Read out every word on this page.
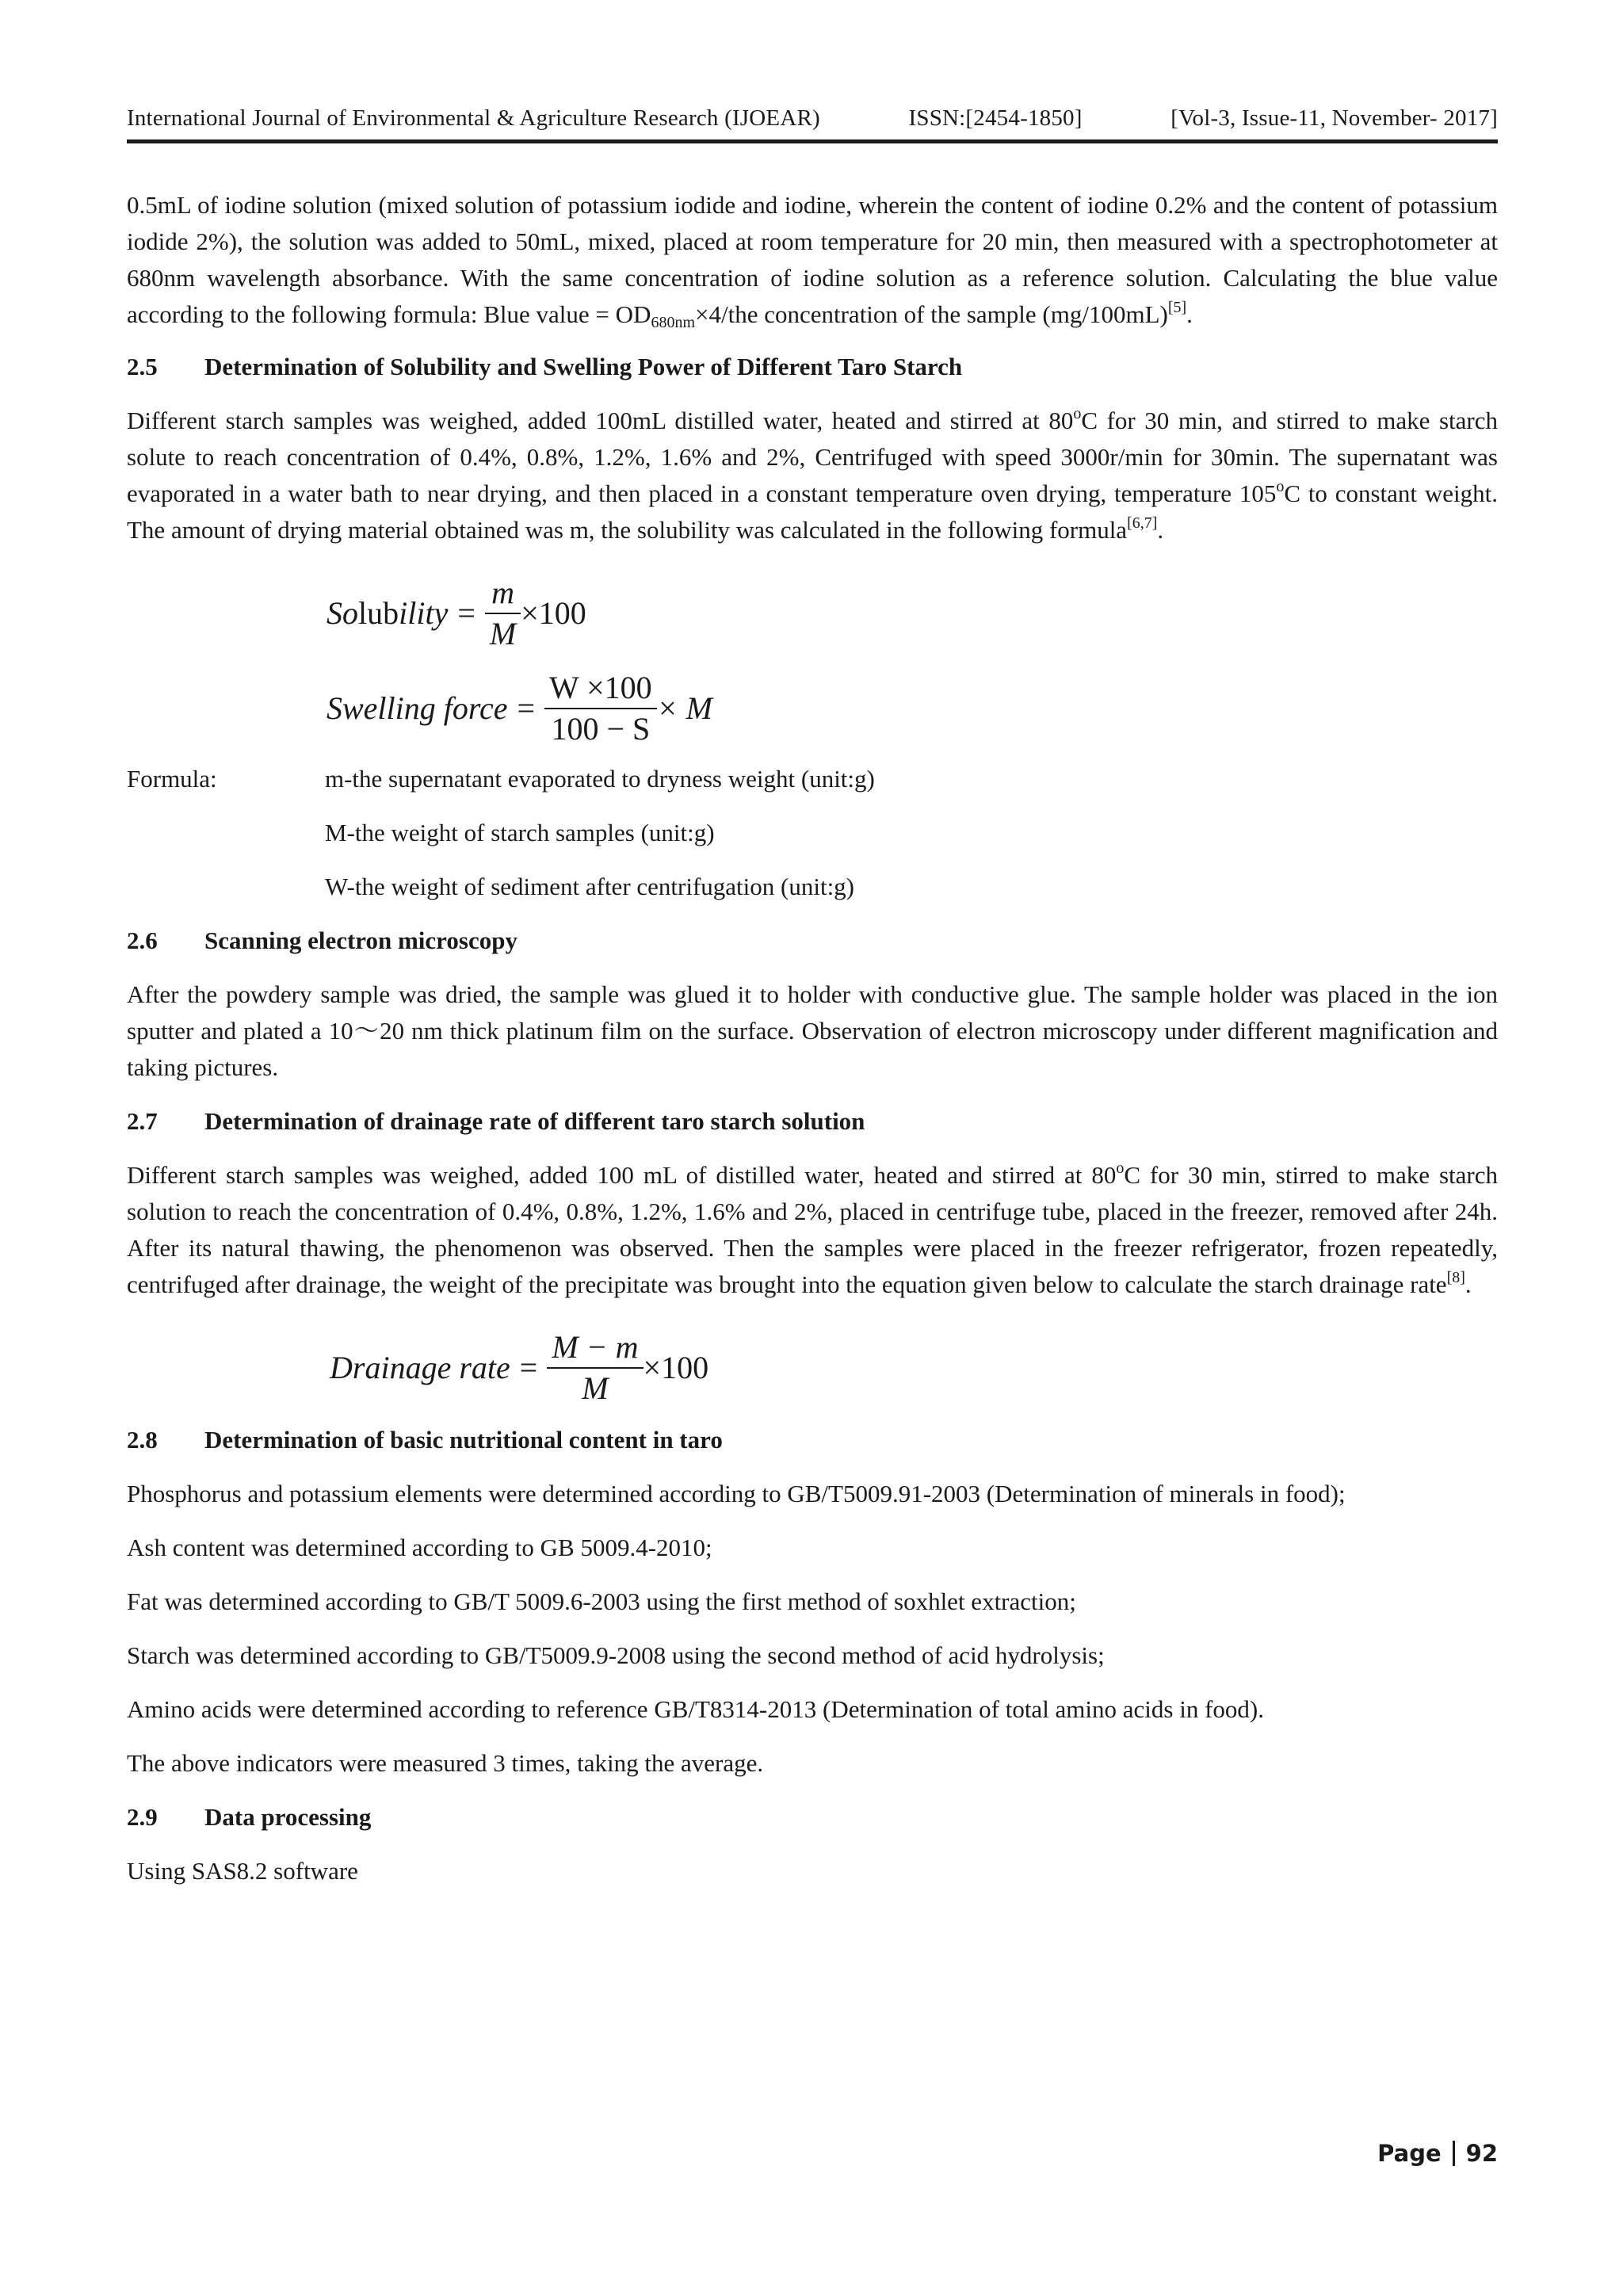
International Journal of Environmental & Agriculture Research (IJOEAR)	ISSN:[2454-1850]	[Vol-3, Issue-11, November- 2017]

0.5mL of iodine solution (mixed solution of potassium iodide and iodine, wherein the content of iodine 0.2% and the content of potassium iodide 2%), the solution was added to 50mL, mixed, placed at room temperature for 20 min, then measured with a spectrophotometer at 680nm wavelength absorbance. With the same concentration of iodine solution as a reference solution. Calculating the blue value according to the following formula: Blue value = $OD_{680nm}\times 4$/the concentration of the sample (mg/100mL)[5].

2.5	Determination of Solubility and Swelling Power of Different Taro Starch

Different starch samples was weighed, added 100mL distilled water, heated and stirred at 80$^o$C for 30 min, and stirred to make starch solute to reach concentration of 0.4%, 0.8%, 1.2%, 1.6% and 2%, Centrifuged with speed 3000r/min for 30min. The supernatant was evaporated in a water bath to near drying, and then placed in a constant temperature oven drying, temperature 105$^o$C to constant weight. The amount of drying material obtained was m, the solubility was calculated in the following formula[6,7].

Solubility = $\frac{m}{M} \times 100$
Swelling force = $\frac{W \times 100}{100 - S} \times M$
Formula:	m-the supernatant evaporated to dryness weight (unit:g)
M-the weight of starch samples (unit:g)
W-the weight of sediment after centrifugation (unit:g)
2.6	Scanning electron microscopy

After the powdery sample was dried, the sample was glued it to holder with conductive glue. The sample holder was placed in the ion sputter and plated a 10～20 nm thick platinum film on the surface. Observation of electron microscopy under different magnification and taking pictures.

2.7	Determination of drainage rate of different taro starch solution

Different starch samples was weighed, added 100 mL of distilled water, heated and stirred at 80$^o$C for 30 min, stirred to make starch solution to reach the concentration of 0.4%, 0.8%, 1.2%, 1.6% and 2%, placed in centrifuge tube, placed in the freezer, removed after 24h. After its natural thawing, the phenomenon was observed. Then the samples were placed in the freezer refrigerator, frozen repeatedly, centrifuged after drainage, the weight of the precipitate was brought into the equation given below to calculate the starch drainage rate[8].

Drainage rate = $\frac{M - m}{M} \times 100$
2.8	Determination of basic nutritional content in taro

Phosphorus and potassium elements were determined according to GB/T5009.91-2003 (Determination of minerals in food);

Ash content was determined according to GB 5009.4-2010;

Fat was determined according to GB/T 5009.6-2003 using the first method of soxhlet extraction;

Starch was determined according to GB/T5009.9-2008 using the second method of acid hydrolysis;

Amino acids were determined according to reference GB/T8314-2013 (Determination of total amino acids in food).

The above indicators were measured 3 times, taking the average.

2.9	Data processing

Using SAS8.2 software

Page 92
